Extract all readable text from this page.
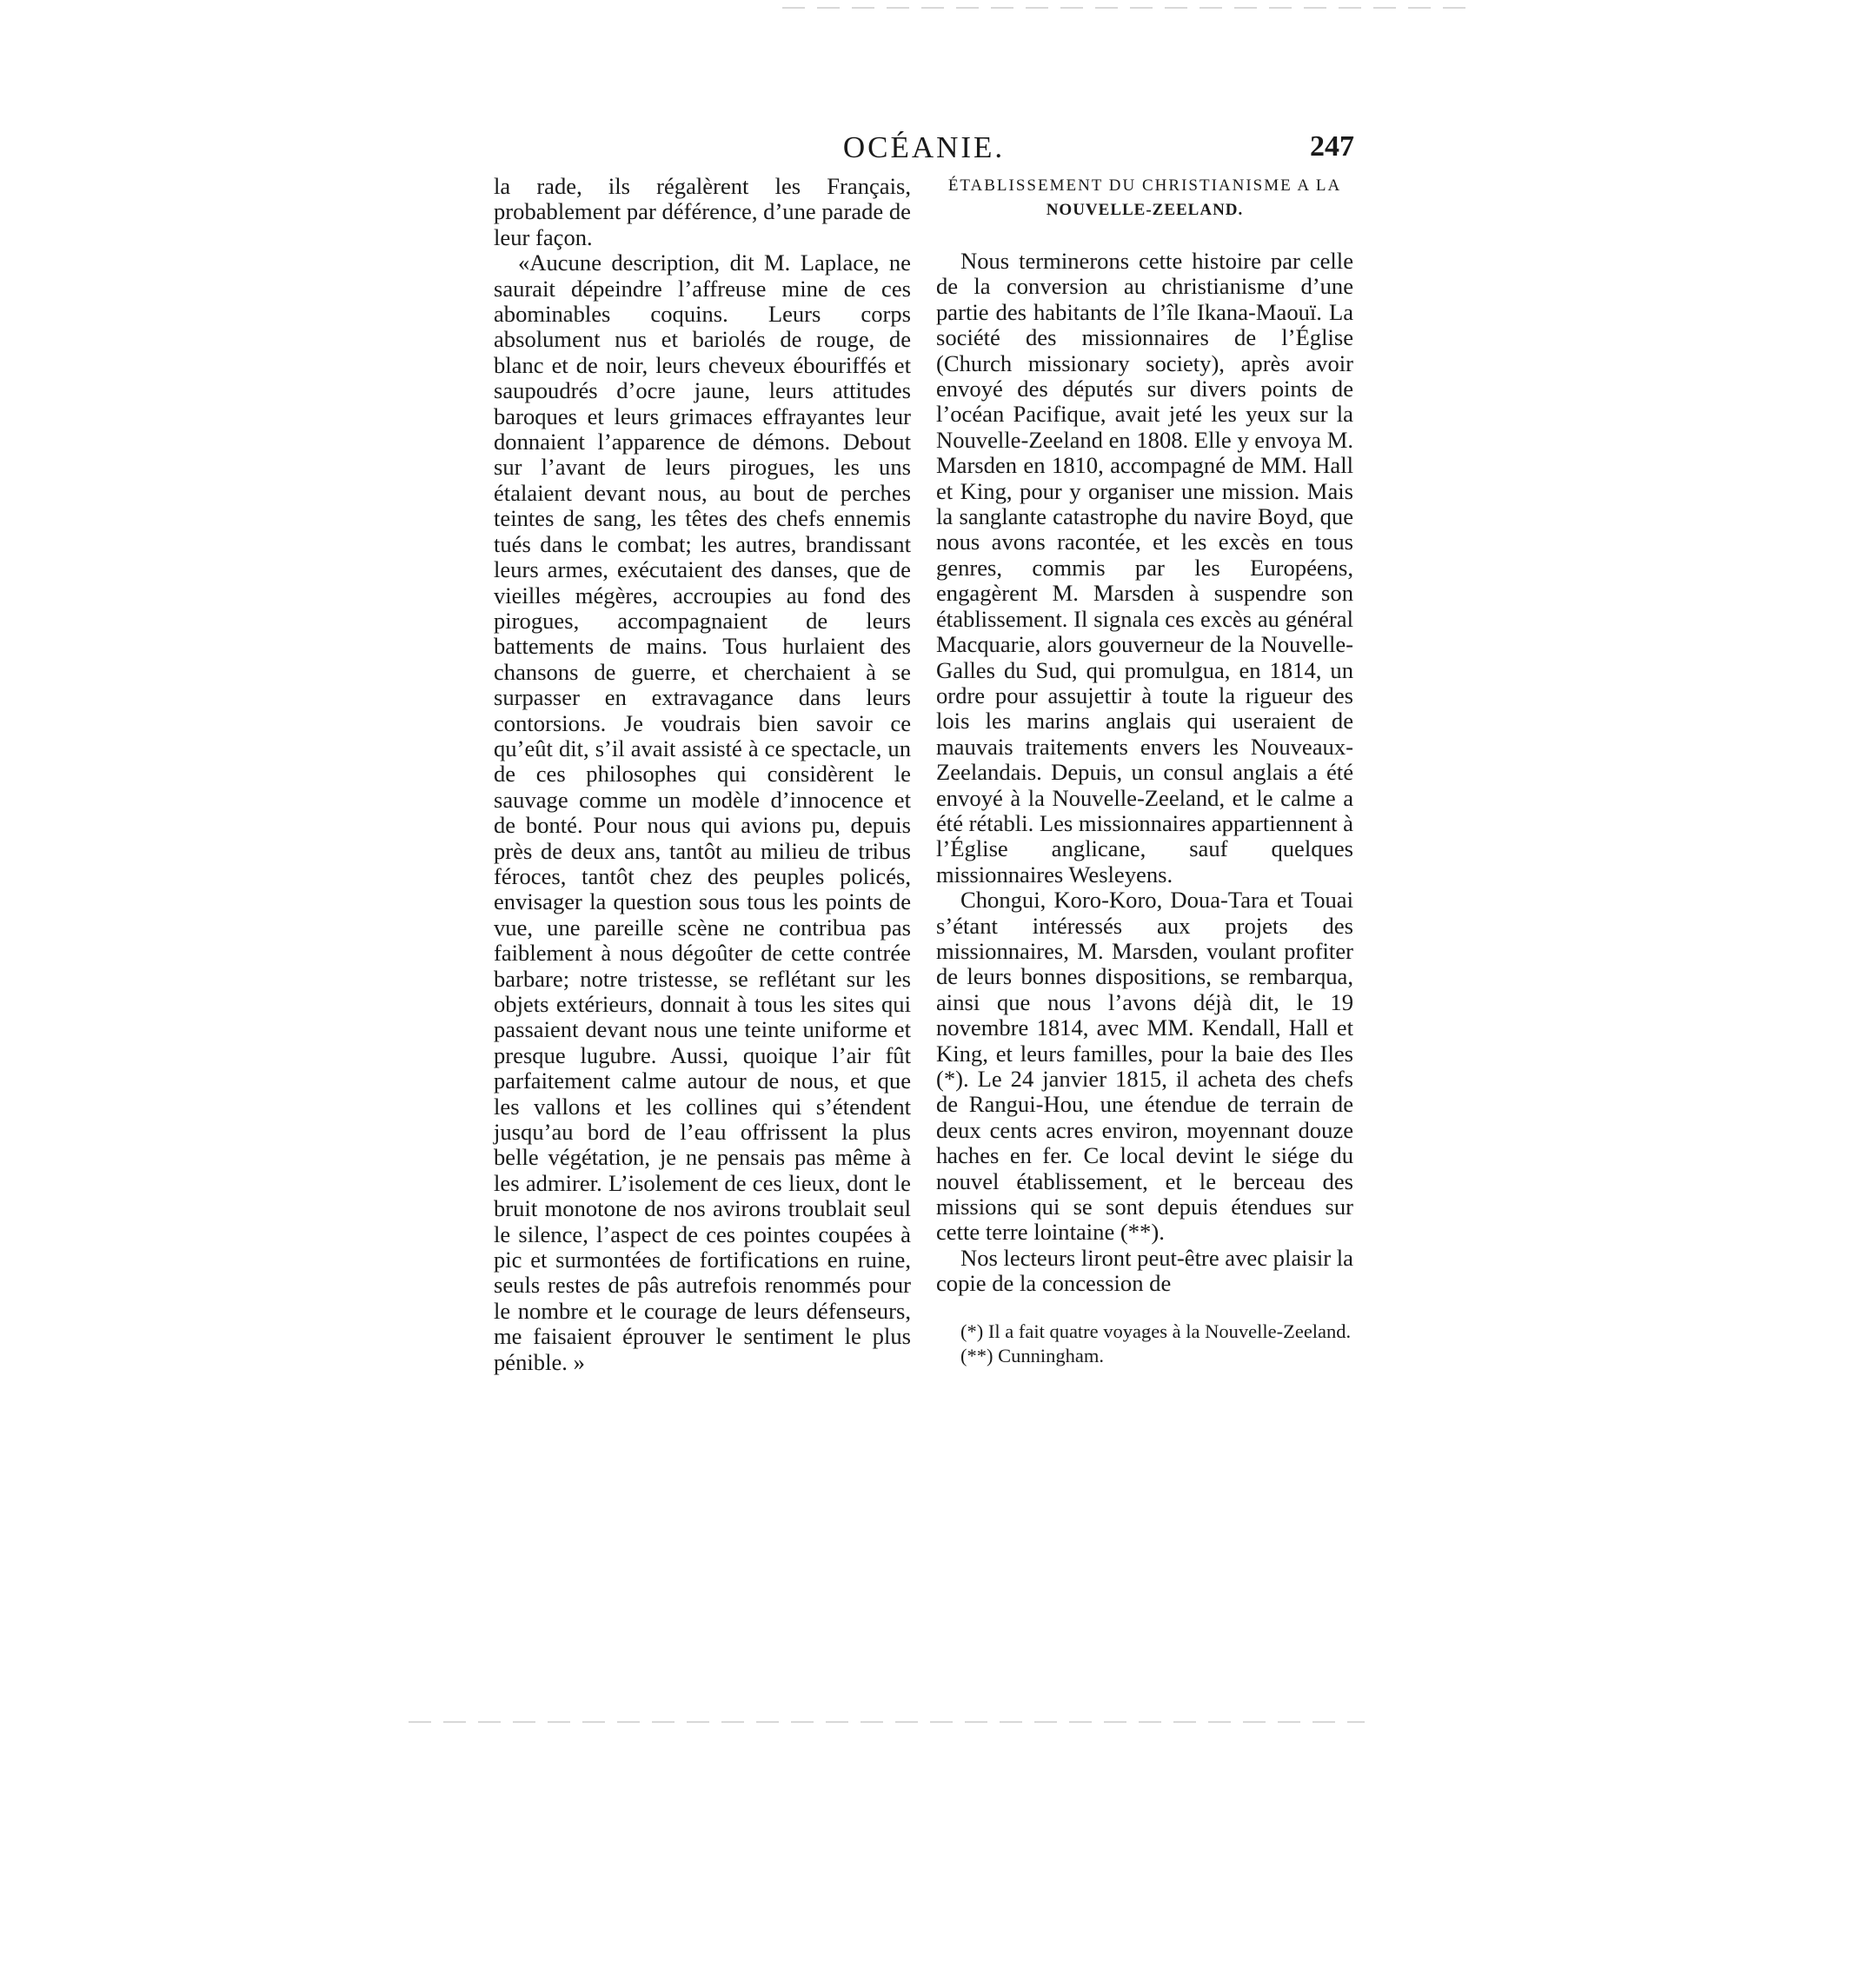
OCÉANIE.	247

la rade, ils régalèrent les Français, probablement par déférence, d’une parade de leur façon.

«Aucune description, dit M. Laplace, ne saurait dépeindre l’affreuse mine de ces abominables coquins. Leurs corps absolument nus et bariolés de rouge, de blanc et de noir, leurs cheveux ébouriffés et saupoudrés d’ocre jaune, leurs attitudes baroques et leurs grimaces effrayantes leur donnaient l’apparence de démons. Debout sur l’avant de leurs pirogues, les uns étalaient devant nous, au bout de perches teintes de sang, les têtes des chefs ennemis tués dans le combat; les autres, brandissant leurs armes, exécutaient des danses, que de vieilles mégères, accroupies au fond des pirogues, accompagnaient de leurs battements de mains. Tous hurlaient des chansons de guerre, et cherchaient à se surpasser en extravagance dans leurs contorsions. Je voudrais bien savoir ce qu’eût dit, s’il avait assisté à ce spectacle, un de ces philosophes qui considèrent le sauvage comme un modèle d’innocence et de bonté. Pour nous qui avions pu, depuis près de deux ans, tantôt au milieu de tribus féroces, tantôt chez des peuples policés, envisager la question sous tous les points de vue, une pareille scène ne contribua pas faiblement à nous dégoûter de cette contrée barbare; notre tristesse, se reflétant sur les objets extérieurs, donnait à tous les sites qui passaient devant nous une teinte uniforme et presque lugubre. Aussi, quoique l’air fût parfaitement calme autour de nous, et que les vallons et les collines qui s’étendent jusqu’au bord de l’eau offrissent la plus belle végétation, je ne pensais pas même à les admirer. L’isolement de ces lieux, dont le bruit monotone de nos avirons troublait seul le silence, l’aspect de ces pointes coupées à pic et surmontées de fortifications en ruine, seuls restes de pâs autrefois renommés pour le nombre et le courage de leurs défenseurs, me faisaient éprouver le sentiment le plus pénible. »

ÉTABLISSEMENT DU CHRISTIANISME A LA
NOUVELLE-ZEELAND.

Nous terminerons cette histoire par celle de la conversion au christianisme d’une partie des habitants de l’île Ikana-Maouï. La société des missionnaires de l’Église (Church missionary society), après avoir envoyé des députés sur divers points de l’océan Pacifique, avait jeté les yeux sur la Nouvelle-Zeeland en 1808. Elle y envoya M. Marsden en 1810, accompagné de MM. Hall et King, pour y organiser une mission. Mais la sanglante catastrophe du navire Boyd, que nous avons racontée, et les excès en tous genres, commis par les Européens, engagèrent M. Marsden à suspendre son établissement. Il signala ces excès au général Macquarie, alors gouverneur de la Nouvelle-Galles du Sud, qui promulgua, en 1814, un ordre pour assujettir à toute la rigueur des lois les marins anglais qui useraient de mauvais traitements envers les Nouveaux-Zeelandais. Depuis, un consul anglais a été envoyé à la Nouvelle-Zeeland, et le calme a été rétabli. Les missionnaires appartiennent à l’Église anglicane, sauf quelques missionnaires Wesleyens.

Chongui, Koro-Koro, Doua-Tara et Touai s’étant intéressés aux projets des missionnaires, M. Marsden, voulant profiter de leurs bonnes dispositions, se rembarqua, ainsi que nous l’avons déjà dit, le 19 novembre 1814, avec MM. Kendall, Hall et King, et leurs familles, pour la baie des Iles (*). Le 24 janvier 1815, il acheta des chefs de Rangui-Hou, une étendue de terrain de deux cents acres environ, moyennant douze haches en fer. Ce local devint le siége du nouvel établissement, et le berceau des missions qui se sont depuis étendues sur cette terre lointaine (**).

Nos lecteurs liront peut-être avec plaisir la copie de la concession de

(*) Il a fait quatre voyages à la Nouvelle-Zeeland.

(**) Cunningham.
